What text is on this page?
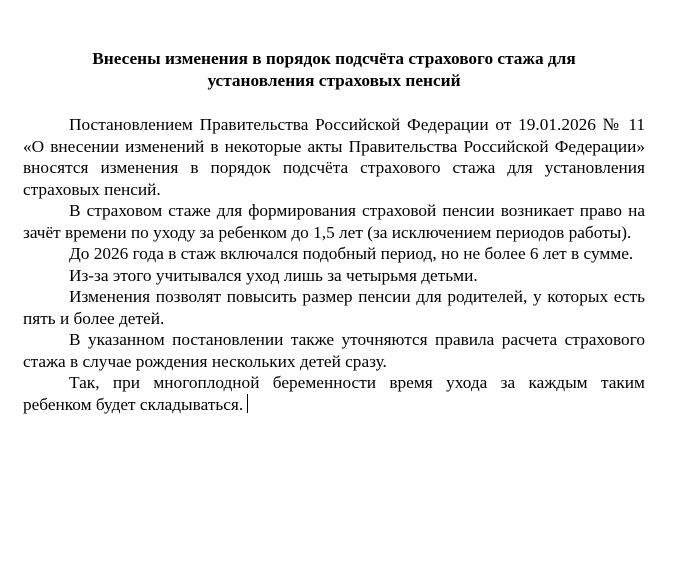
Внесены изменения в порядок подсчёта страхового стажа для
установления страховых пенсий

Постановлением Правительства Российской Федерации от 19.01.2026 № 11 «О внесении изменений в некоторые акты Правительства Российской Федерации» вносятся изменения в порядок подсчёта страхового стажа для установления страховых пенсий.

В страховом стаже для формирования страховой пенсии возникает право на зачёт времени по уходу за ребенком до 1,5 лет (за исключением периодов работы).

До 2026 года в стаж включался подобный период, но не более 6 лет в сумме.

Из-за этого учитывался уход лишь за четырьмя детьми.

Изменения позволят повысить размер пенсии для родителей, у которых есть пять и более детей.

В указанном постановлении также уточняются правила расчета страхового стажа в случае рождения нескольких детей сразу.

Так, при многоплодной беременности время ухода за каждым таким ребенком будет складываться.
